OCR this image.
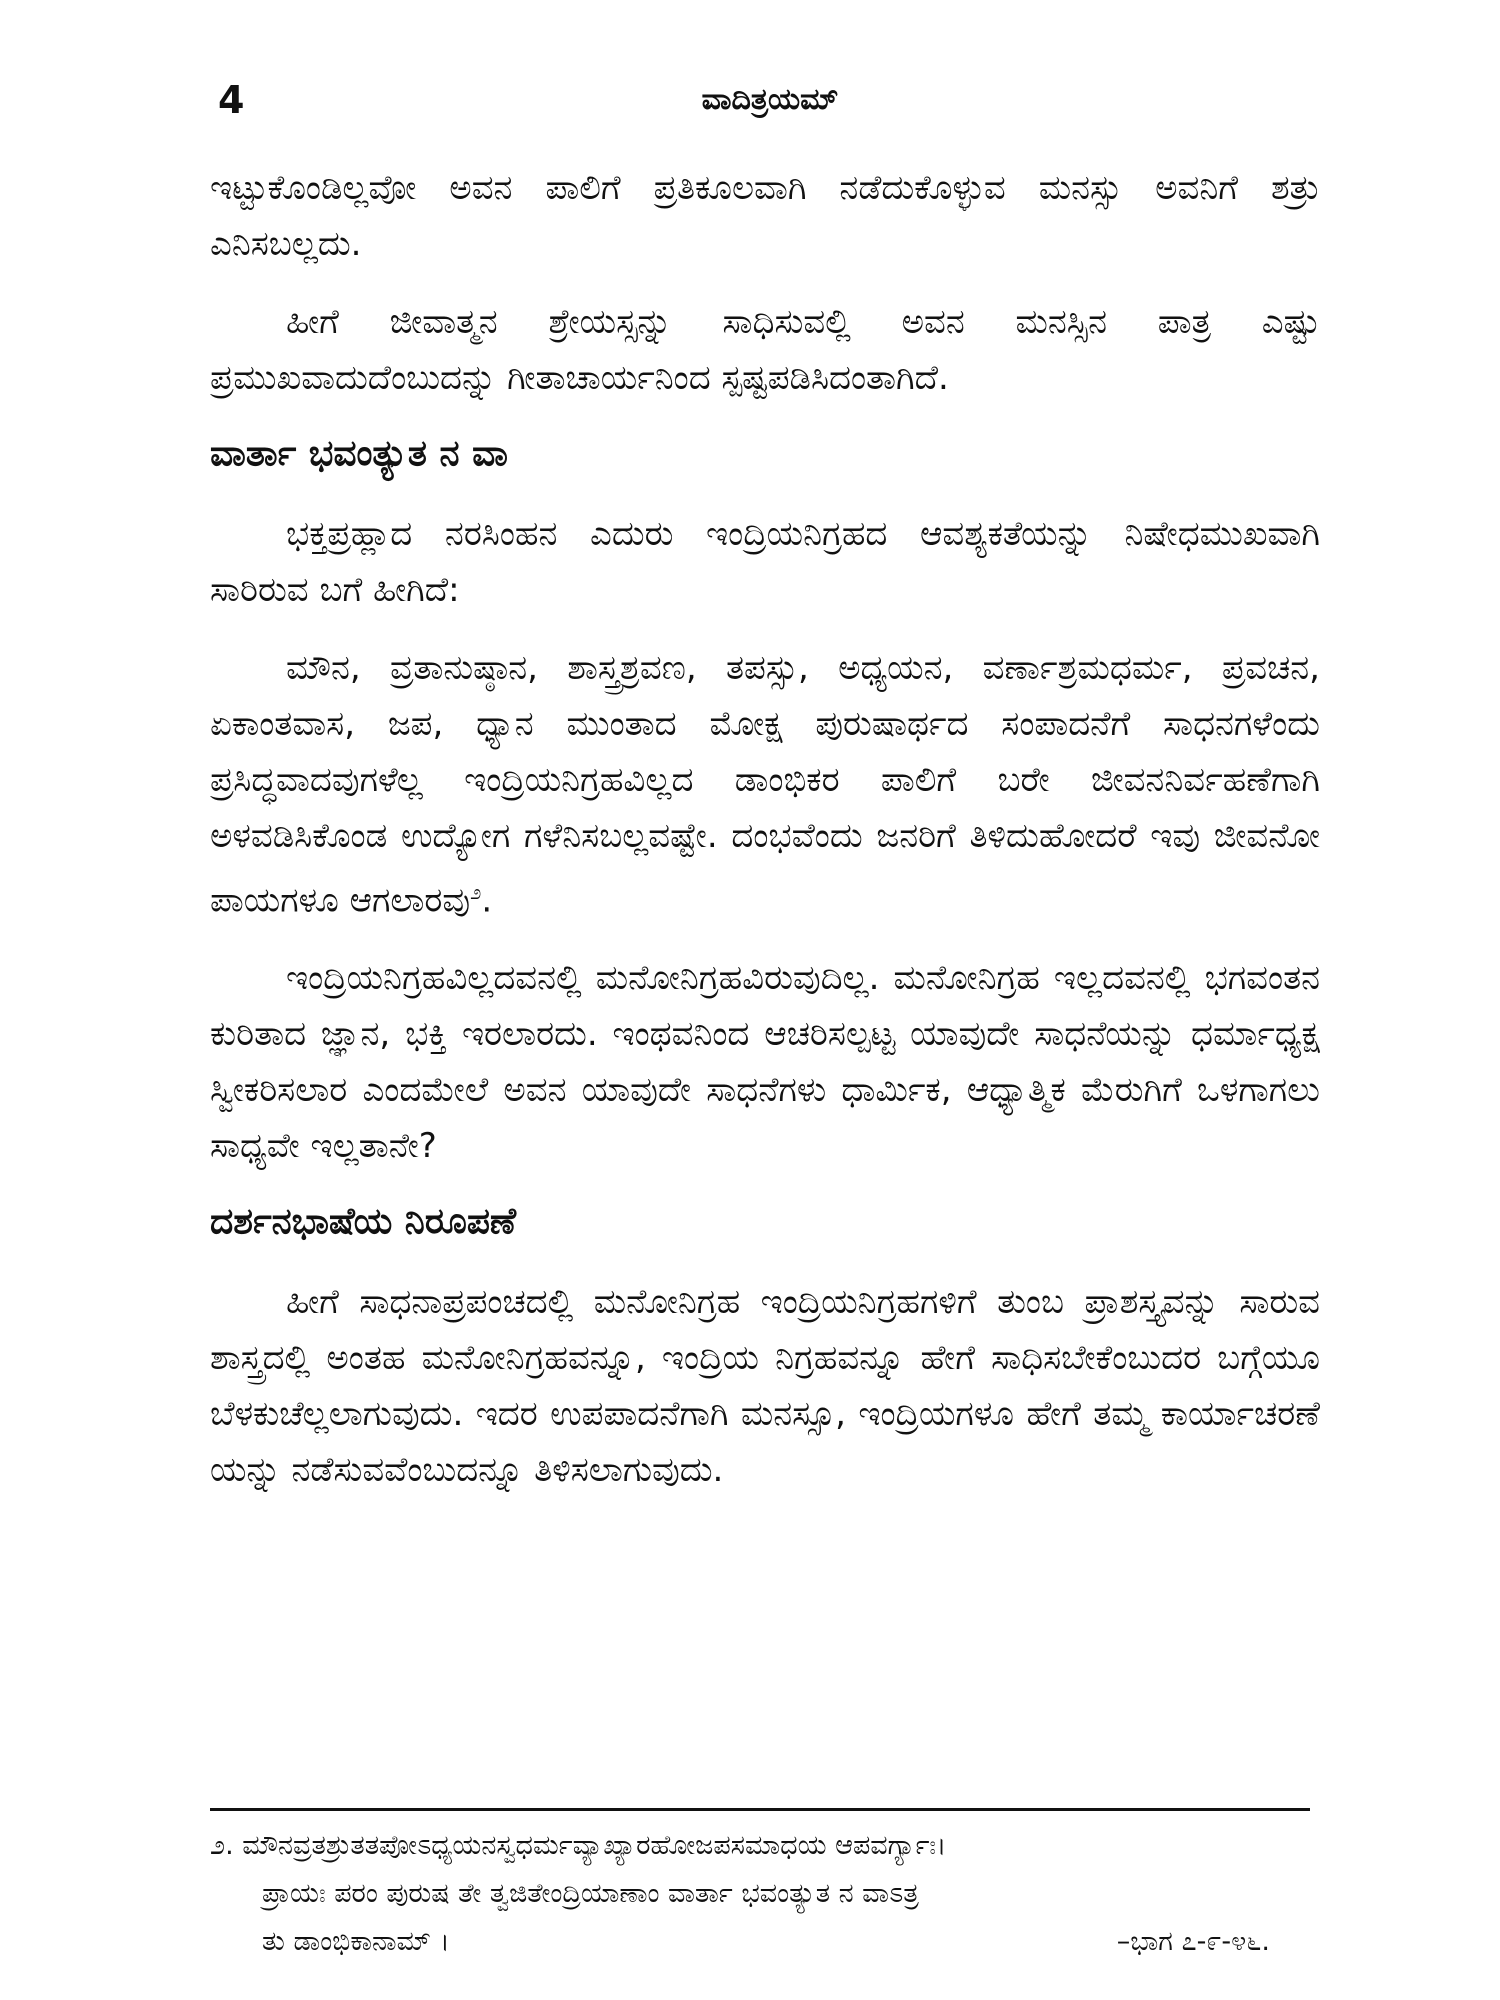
4	ವಾದಿತ್ರಯಮ್

ಇಟ್ಟುಕೊಂಡಿಲ್ಲವೋ ಅವನ ಪಾಲಿಗೆ ಪ್ರತಿಕೂಲವಾಗಿ ನಡೆದುಕೊಳ್ಳುವ ಮನಸ್ಸು ಅವನಿಗೆ ಶತ್ರು ಎನಿಸಬಲ್ಲದು.

ಹೀಗೆ ಜೀವಾತ್ಮನ ಶ್ರೇಯಸ್ಸನ್ನು ಸಾಧಿಸುವಲ್ಲಿ ಅವನ ಮನಸ್ಸಿನ ಪಾತ್ರ ಎಷ್ಟು ಪ್ರಮುಖವಾದುದೆಂಬುದನ್ನು ಗೀತಾಚಾರ್ಯನಿಂದ ಸ್ಪಷ್ಟಪಡಿಸಿದಂತಾಗಿದೆ.

ವಾರ್ತಾ ಭವಂತ್ಯುತ ನ ವಾ

ಭಕ್ತಪ್ರಹ್ಲಾದ ನರಸಿಂಹನ ಎದುರು ಇಂದ್ರಿಯನಿಗ್ರಹದ ಆವಶ್ಯಕತೆಯನ್ನು ನಿಷೇಧಮುಖವಾಗಿ ಸಾರಿರುವ ಬಗೆ ಹೀಗಿದೆ:

ಮೌನ, ವ್ರತಾನುಷ್ಠಾನ, ಶಾಸ್ತ್ರಶ್ರವಣ, ತಪಸ್ಸು, ಅಧ್ಯಯನ, ವರ್ಣಾಶ್ರಮಧರ್ಮ, ಪ್ರವಚನ, ಏಕಾಂತವಾಸ, ಜಪ, ಧ್ಯಾನ ಮುಂತಾದ ಮೋಕ್ಷ ಪುರುಷಾರ್ಥದ ಸಂಪಾದನೆಗೆ ಸಾಧನಗಳೆಂದು ಪ್ರಸಿದ್ಧವಾದವುಗಳೆಲ್ಲ ಇಂದ್ರಿಯನಿಗ್ರಹವಿಲ್ಲದ ಡಾಂಭಿಕರ ಪಾಲಿಗೆ ಬರೇ ಜೀವನನಿರ್ವಹಣೆಗಾಗಿ ಅಳವಡಿಸಿಕೊಂಡ ಉದ್ಯೋಗ ಗಳೆನಿಸಬಲ್ಲವಷ್ಟೇ. ದಂಭವೆಂದು ಜನರಿಗೆ ತಿಳಿದುಹೋದರೆ ಇವು ಜೀವನೋ ಪಾಯಗಳೂ ಆಗಲಾರವು$^೨$.

ಇಂದ್ರಿಯನಿಗ್ರಹವಿಲ್ಲದವನಲ್ಲಿ ಮನೋನಿಗ್ರಹವಿರುವುದಿಲ್ಲ. ಮನೋನಿಗ್ರಹ ಇಲ್ಲದವನಲ್ಲಿ ಭಗವಂತನ ಕುರಿತಾದ ಜ್ಞಾನ, ಭಕ್ತಿ ಇರಲಾರದು. ಇಂಥವನಿಂದ ಆಚರಿಸಲ್ಪಟ್ಟ ಯಾವುದೇ ಸಾಧನೆಯನ್ನು ಧರ್ಮಾಧ್ಯಕ್ಷ ಸ್ವೀಕರಿಸಲಾರ ಎಂದಮೇಲೆ ಅವನ ಯಾವುದೇ ಸಾಧನೆಗಳು ಧಾರ್ಮಿಕ, ಆಧ್ಯಾತ್ಮಿಕ ಮೆರುಗಿಗೆ ಒಳಗಾಗಲು ಸಾಧ್ಯವೇ ಇಲ್ಲತಾನೇ?

ದರ್ಶನಭಾಷೆಯ ನಿರೂಪಣೆ

ಹೀಗೆ ಸಾಧನಾಪ್ರಪಂಚದಲ್ಲಿ ಮನೋನಿಗ್ರಹ ಇಂದ್ರಿಯನಿಗ್ರಹಗಳಿಗೆ ತುಂಬ ಪ್ರಾಶಸ್ತ್ಯವನ್ನು ಸಾರುವ ಶಾಸ್ತ್ರದಲ್ಲಿ ಅಂತಹ ಮನೋನಿಗ್ರಹವನ್ನೂ, ಇಂದ್ರಿಯ ನಿಗ್ರಹವನ್ನೂ ಹೇಗೆ ಸಾಧಿಸಬೇಕೆಂಬುದರ ಬಗ್ಗೆಯೂ ಬೆಳಕುಚೆಲ್ಲಲಾಗುವುದು. ಇದರ ಉಪಪಾದನೆಗಾಗಿ ಮನಸ್ಸೂ, ಇಂದ್ರಿಯಗಳೂ ಹೇಗೆ ತಮ್ಮ ಕಾರ್ಯಾಚರಣೆ ಯನ್ನು ನಡೆಸುವವೆಂಬುದನ್ನೂ ತಿಳಿಸಲಾಗುವುದು.

೨. ಮೌನವ್ರತಶ್ರುತತಪೋಽಧ್ಯಯನಸ್ವಧರ್ಮವ್ಯಾಖ್ಯಾರಹೋಜಪಸಮಾಧಯ ಆಪವರ್ಗ್ಯಾಃ।
ಪ್ರಾಯಃ ಪರಂ ಪುರುಷ ತೇ ತ್ವಜಿತೇಂದ್ರಿಯಾಣಾಂ ವಾರ್ತಾ ಭವಂತ್ಯುತ ನ ವಾಽತ್ರ
ತು ಡಾಂಭಿಕಾನಾಮ್ ।	–ಭಾಗ ೭-೯-೪೬.
